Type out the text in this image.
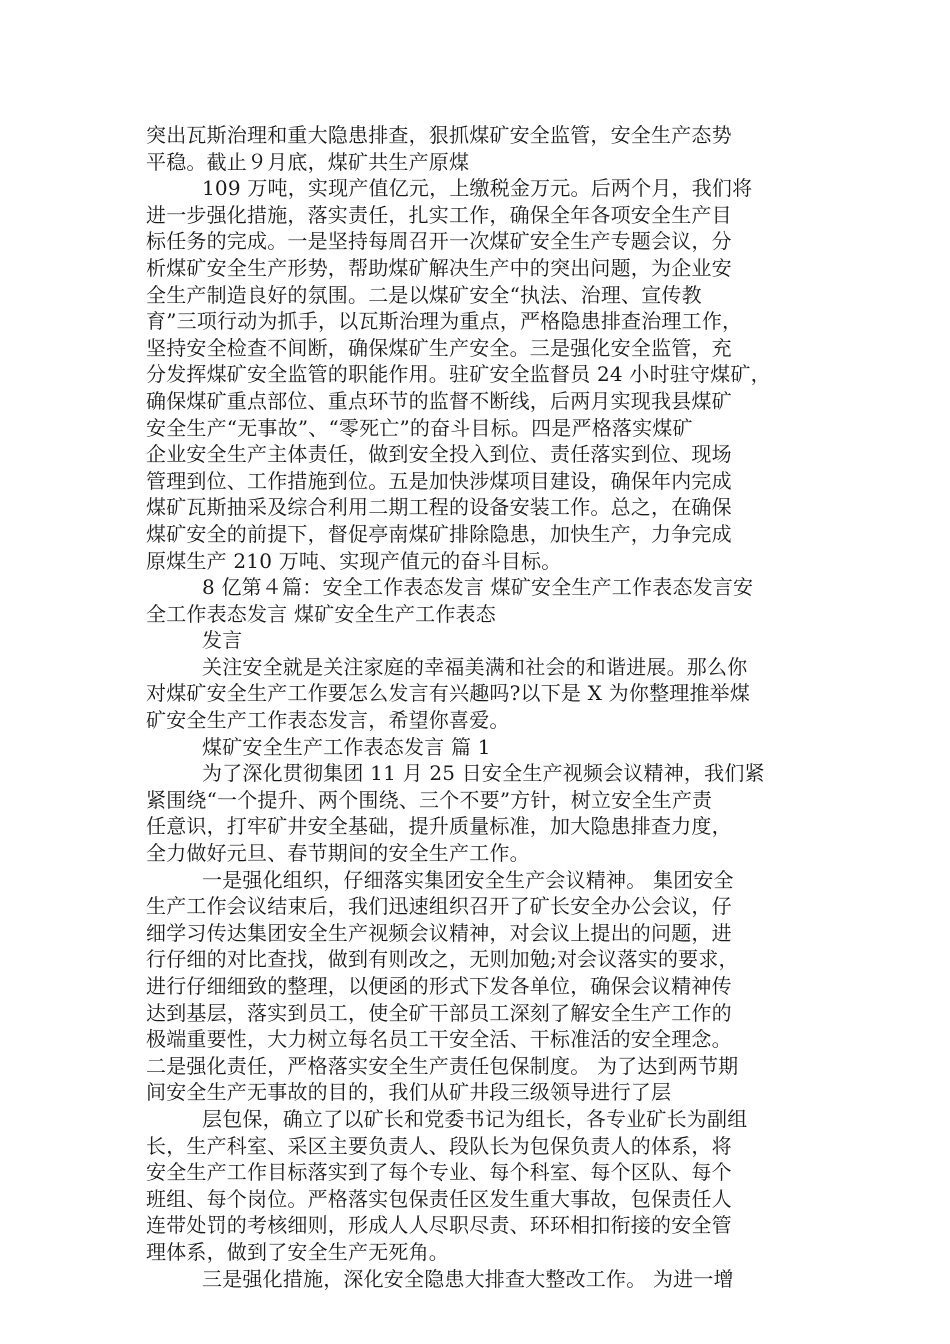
突出瓦斯治理和重大隐患排查，狠抓煤矿安全监管，安全生产态势
平稳。截止９月底，煤矿共生产原煤
109 万吨，实现产值亿元，上缴税金万元。后两个月，我们将
进一步强化措施，落实责任，扎实工作，确保全年各项安全生产目
标任务的完成。一是坚持每周召开一次煤矿安全生产专题会议，分
析煤矿安全生产形势，帮助煤矿解决生产中的突出问题，为企业安
全生产制造良好的氛围。二是以煤矿安全“执法、治理、宣传教
育”三项行动为抓手，以瓦斯治理为重点，严格隐患排查治理工作，
坚持安全检查不间断，确保煤矿生产安全。三是强化安全监管，充
分发挥煤矿安全监管的职能作用。驻矿安全监督员 24 小时驻守煤矿，
确保煤矿重点部位、重点环节的监督不断线，后两月实现我县煤矿
安全生产“无事故”、“零死亡”的奋斗目标。四是严格落实煤矿
企业安全生产主体责任，做到安全投入到位、责任落实到位、现场
管理到位、工作措施到位。五是加快涉煤项目建设，确保年内完成
煤矿瓦斯抽采及综合利用二期工程的设备安装工作。总之，在确保
煤矿安全的前提下，督促亭南煤矿排除隐患，加快生产，力争完成
原煤生产 210 万吨、实现产值元的奋斗目标。
8 亿第４篇：安全工作表态发言 煤矿安全生产工作表态发言安
全工作表态发言 煤矿安全生产工作表态
发言
关注安全就是关注家庭的幸福美满和社会的和谐进展。那么你
对煤矿安全生产工作要怎么发言有兴趣吗?以下是 X 为你整理推举煤
矿安全生产工作表态发言，希望你喜爱。
煤矿安全生产工作表态发言 篇 1
为了深化贯彻集团 11 月 25 日安全生产视频会议精神，我们紧
紧围绕“一个提升、两个围绕、三个不要”方针，树立安全生产责
任意识，打牢矿井安全基础，提升质量标准，加大隐患排查力度，
全力做好元旦、春节期间的安全生产工作。
一是强化组织，仔细落实集团安全生产会议精神。 集团安全
生产工作会议结束后，我们迅速组织召开了矿长安全办公会议，仔
细学习传达集团安全生产视频会议精神，对会议上提出的问题，进
行仔细的对比查找，做到有则改之，无则加勉;对会议落实的要求，
进行仔细细致的整理，以便函的形式下发各单位，确保会议精神传
达到基层，落实到员工，使全矿干部员工深刻了解安全生产工作的
极端重要性，大力树立每名员工干安全活、干标准活的安全理念。
二是强化责任，严格落实安全生产责任包保制度。 为了达到两节期
间安全生产无事故的目的，我们从矿井段三级领导进行了层
层包保，确立了以矿长和党委书记为组长，各专业矿长为副组
长，生产科室、采区主要负责人、段队长为包保负责人的体系，将
安全生产工作目标落实到了每个专业、每个科室、每个区队、每个
班组、每个岗位。严格落实包保责任区发生重大事故，包保责任人
连带处罚的考核细则，形成人人尽职尽责、环环相扣衔接的安全管
理体系，做到了安全生产无死角。
三是强化措施，深化安全隐患大排查大整改工作。 为进一增
